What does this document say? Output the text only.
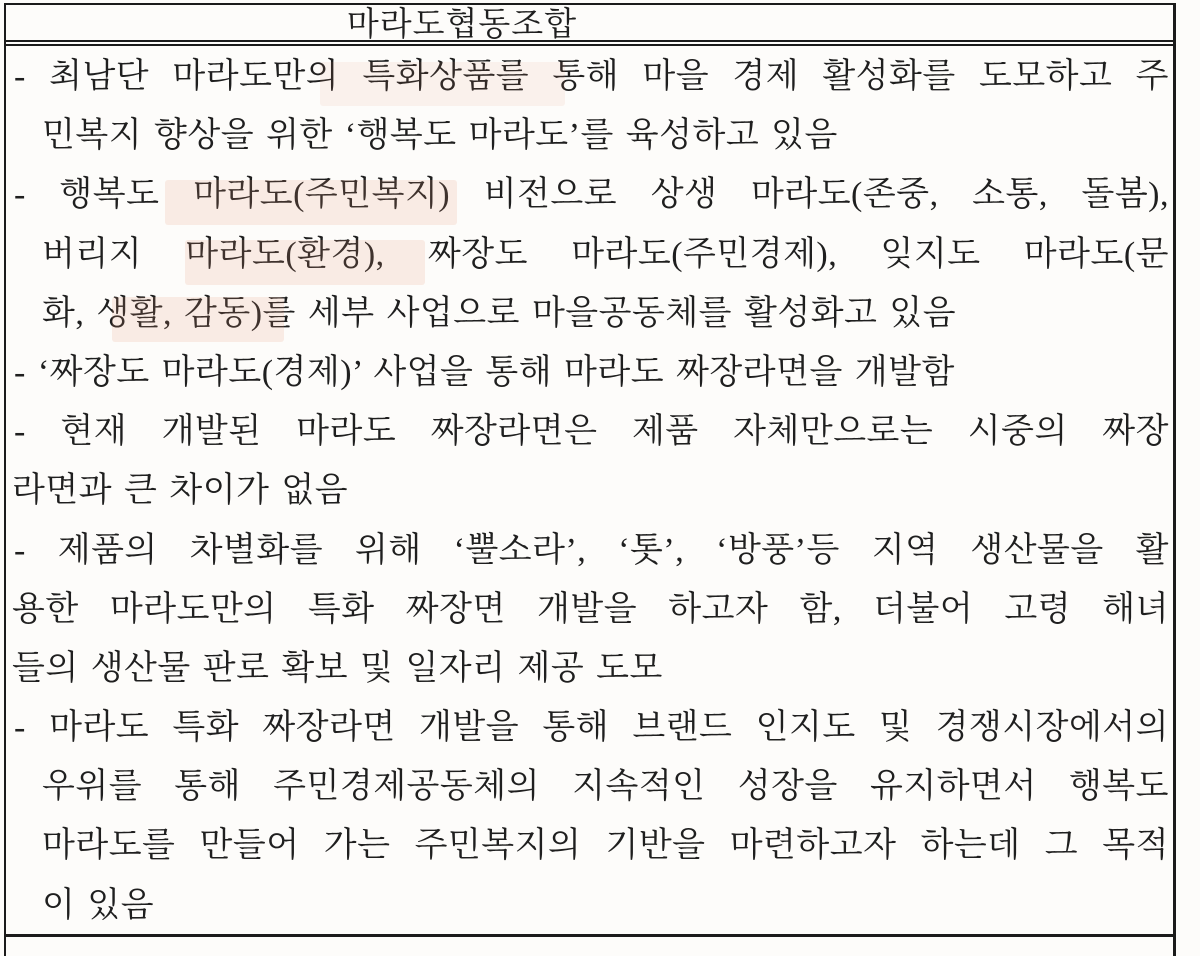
마라도협동조합
- 최남단 마라도만의 특화상품를 통해 마을 경제 활성화를 도모하고 주
민복지 향상을 위한 ‘행복도 마라도’를 육성하고 있음
- 행복도 마라도(주민복지) 비전으로 상생 마라도(존중, 소통, 돌봄),
버리지 마라도(환경), 짜장도 마라도(주민경제), 잊지도 마라도(문
화, 생활, 감동)를 세부 사업으로 마을공동체를 활성화고 있음
- ‘짜장도 마라도(경제)’ 사업을 통해 마라도 짜장라면을 개발함
- 현재 개발된 마라도 짜장라면은 제품 자체만으로는 시중의 짜장
라면과 큰 차이가 없음
- 제품의 차별화를 위해 ‘뿔소라’, ‘톳’, ‘방풍’등 지역 생산물을 활
용한 마라도만의 특화 짜장면 개발을 하고자 함, 더불어 고령 해녀
들의 생산물 판로 확보 및 일자리 제공 도모
- 마라도 특화 짜장라면 개발을 통해 브랜드 인지도 및 경쟁시장에서의
우위를 통해 주민경제공동체의 지속적인 성장을 유지하면서 행복도
마라도를 만들어 가는 주민복지의 기반을 마련하고자 하는데 그 목적
이 있음
